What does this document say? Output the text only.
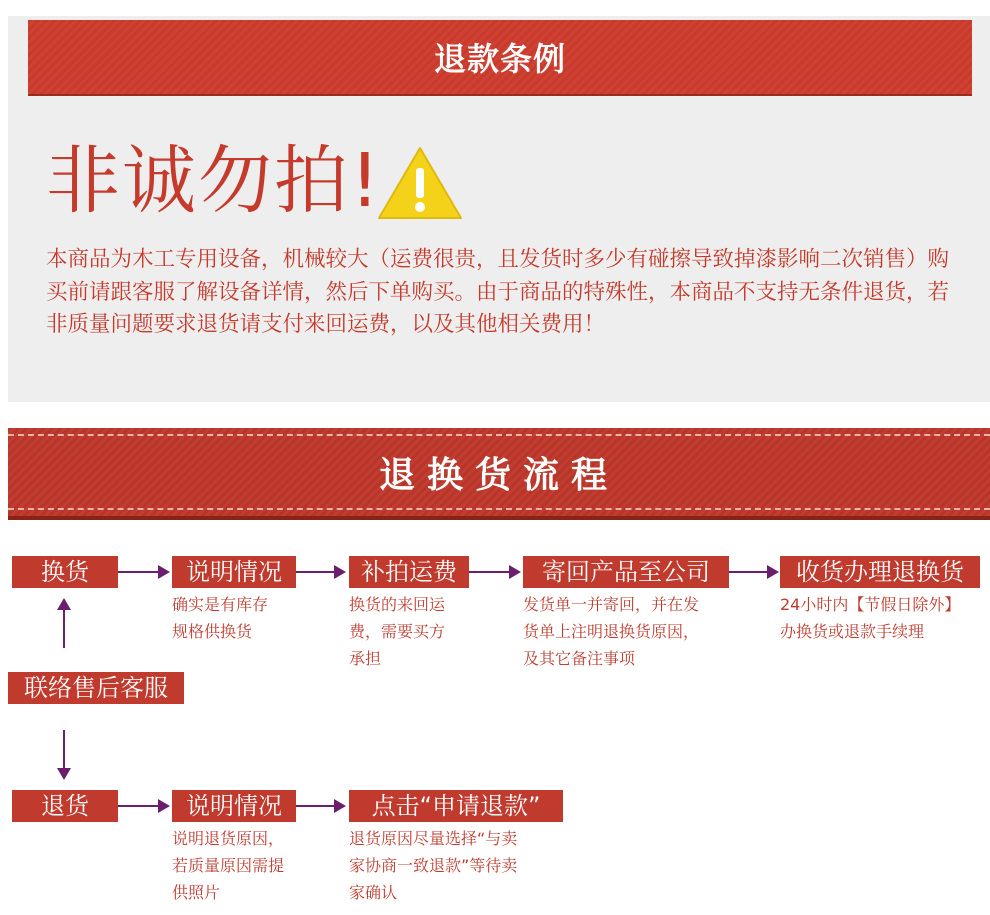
退款条例
非诚勿拍!
本商品为木工专用设备，机械较大（运费很贵，且发货时多少有碰擦导致掉漆影响二次销售）购买前请跟客服了解设备详情，然后下单购买。由于商品的特殊性，本商品不支持无条件退货，若非质量问题要求退货请支付来回运费，以及其他相关费用！
退换货流程
换货	说明情况
确实是有库存
规格供换货
补拍运费
换货的来回运
费，需要买方
承担
寄回产品至公司
发货单一并寄回，并在发
货单上注明退换货原因，
及其它备注事项
收货办理退换货
24小时内【节假日除外】
办换货或退款手续理
联络售后客服
退货	说明情况
说明退货原因，
若质量原因需提
供照片
点击“申请退款”
退货原因尽量选择“与卖
家协商一致退款”等待卖
家确认
